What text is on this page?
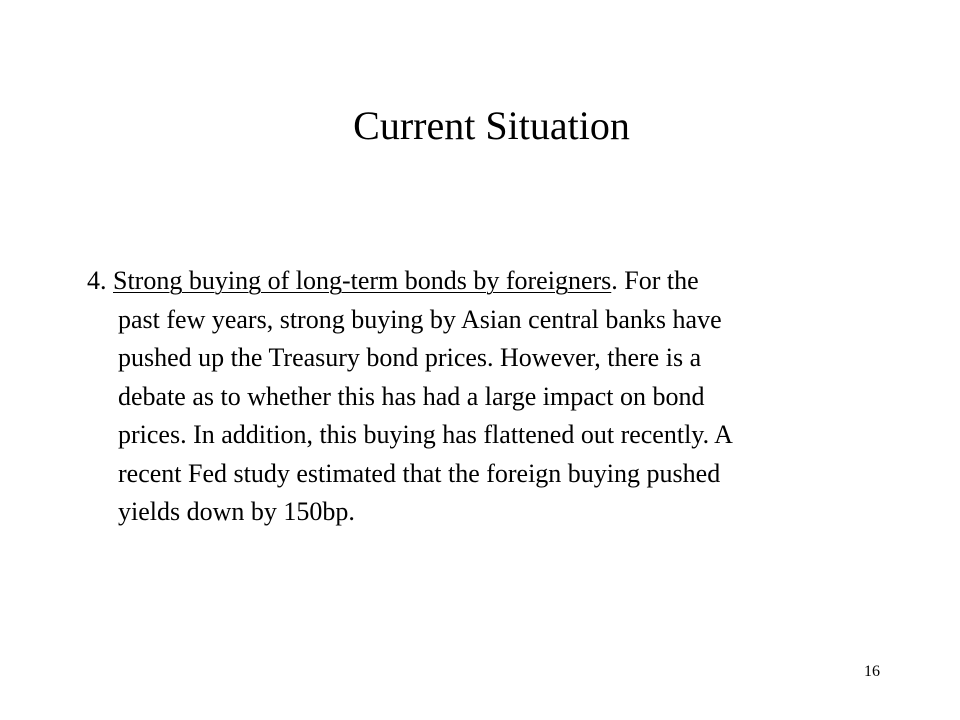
Current Situation
4. Strong buying of long-term bonds by foreigners. For the
past few years, strong buying by Asian central banks have
pushed up the Treasury bond prices. However, there is a
debate as to whether this has had a large impact on bond
prices. In addition, this buying has flattened out recently. A
recent Fed study estimated that the foreign buying pushed
yields down by 150bp.
16
